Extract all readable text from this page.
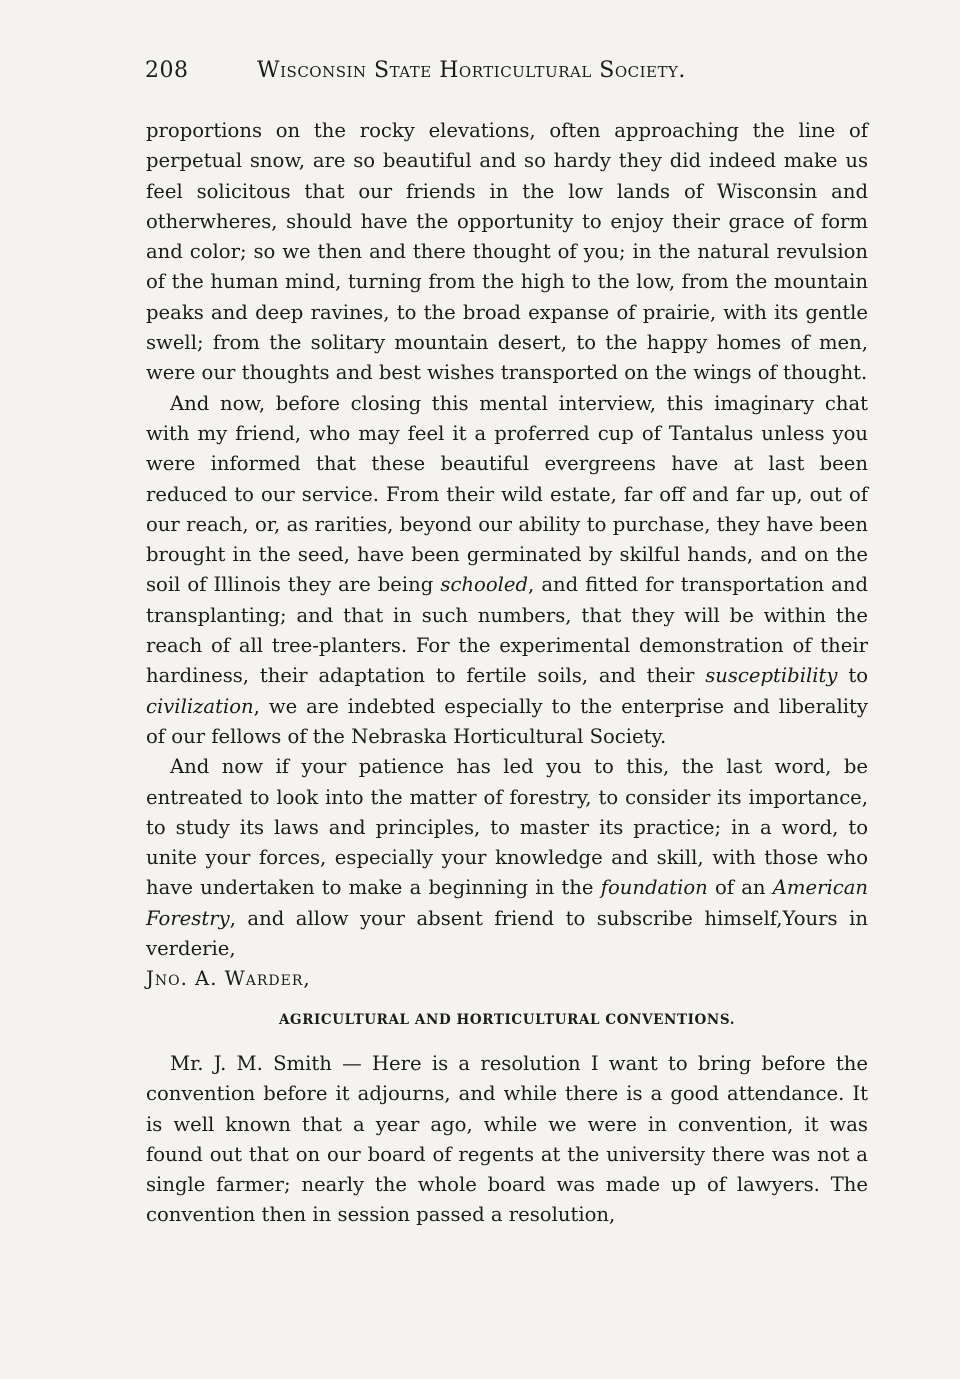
208	Wisconsin State Horticultural Society.

proportions on the rocky elevations, often approaching the line of perpetual snow, are so beautiful and so hardy they did indeed make us feel solicitous that our friends in the low lands of Wisconsin and otherwheres, should have the opportunity to enjoy their grace of form and color; so we then and there thought of you; in the natural revulsion of the human mind, turning from the high to the low, from the mountain peaks and deep ravines, to the broad expanse of prairie, with its gentle swell; from the solitary mountain desert, to the happy homes of men, were our thoughts and best wishes transported on the wings of thought.

And now, before closing this mental interview, this imaginary chat with my friend, who may feel it a proferred cup of Tantalus unless you were informed that these beautiful evergreens have at last been reduced to our service. From their wild estate, far off and far up, out of our reach, or, as rarities, beyond our ability to purchase, they have been brought in the seed, have been germinated by skilful hands, and on the soil of Illinois they are being schooled, and fitted for transportation and transplanting; and that in such numbers, that they will be within the reach of all tree-planters. For the experimental demonstration of their hardiness, their adaptation to fertile soils, and their susceptibility to civilization, we are indebted especially to the enterprise and liberality of our fellows of the Nebraska Horticultural Society.

And now if your patience has led you to this, the last word, be entreated to look into the matter of forestry, to consider its importance, to study its laws and principles, to master its practice; in a word, to unite your forces, especially your knowledge and skill, with those who have undertaken to make a beginning in the foundation of an American Forestry, and allow your absent friend to subscribe himself,Yours in verderie,

Jno. A. Warder,

AGRICULTURAL AND HORTICULTURAL CONVENTIONS.

Mr. J. M. Smith — Here is a resolution I want to bring before the convention before it adjourns, and while there is a good attendance. It is well known that a year ago, while we were in convention, it was found out that on our board of regents at the university there was not a single farmer; nearly the whole board was made up of lawyers. The convention then in session passed a resolution,
